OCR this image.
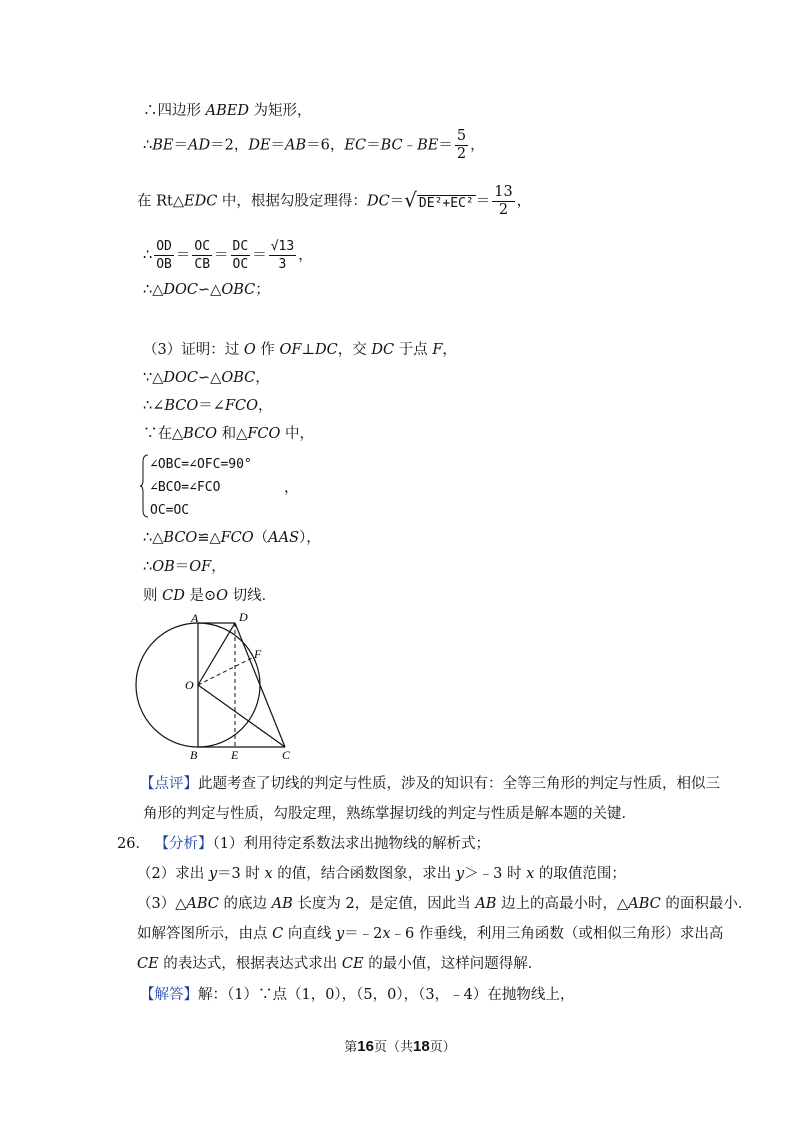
∴四边形 ABED 为矩形，
∴BE＝AD＝2，DE＝AB＝6，EC＝BC﹣BE＝ $\frac{5}{2}$ ，
在 Rt△EDC 中，根据勾股定理得：DC＝√ $DE^2+EC^2 = \frac{13}{2}$ ，
∴ $\frac{OD}{OB} = \frac{OC}{CB} = \frac{DC}{OC} = \frac{√13}{3}$ ，
∴△DOC∽△OBC；
（3）证明：过 O 作 OF⊥DC，交 DC 于点 F，
∵△DOC∽△OBC，
∴∠BCO＝∠FCO，
∵在△BCO 和△FCO 中，
∠OBC=∠OFC=90°
∠BCO=∠FCO
OC=OC
，
∴△BCO≌△FCO（AAS），
∴OB＝OF，
则 CD 是⊙O 切线．
A	D
F
O
B	E	C
【点评】此题考查了切线的判定与性质，涉及的知识有：全等三角形的判定与性质，相似三
角形的判定与性质，勾股定理，熟练掌握切线的判定与性质是解本题的关键．
26． 【分析】（1）利用待定系数法求出抛物线的解析式；
（2）求出 y＝3 时 x 的值，结合函数图象，求出 y＞﹣3 时 x 的取值范围；
（3）△ABC 的底边 AB 长度为 2，是定值，因此当 AB 边上的高最小时，△ABC 的面积最小．
如解答图所示，由点 C 向直线 y＝﹣2x﹣6 作垂线，利用三角函数（或相似三角形）求出高
CE 的表达式，根据表达式求出 CE 的最小值，这样问题得解．
【解答】解：（1）∵点（1，0），（5，0），（3，﹣4）在抛物线上，
第16页（共18页）
